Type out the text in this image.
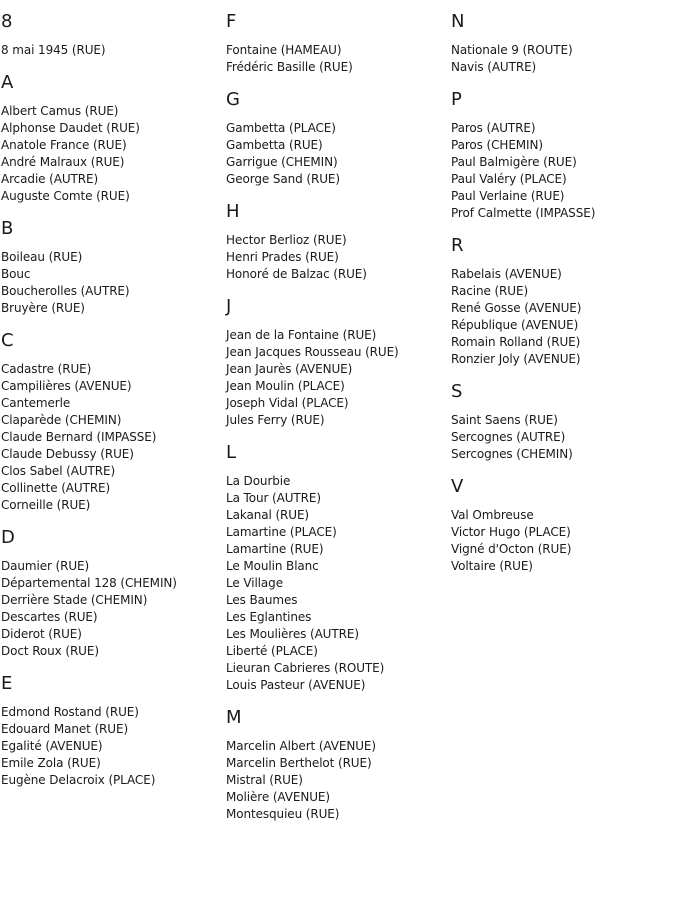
8
8 mai 1945 (RUE)
A
Albert Camus (RUE)
Alphonse Daudet (RUE)
Anatole France (RUE)
André Malraux (RUE)
Arcadie (AUTRE)
Auguste Comte (RUE)
B
Boileau (RUE)
Bouc
Boucherolles (AUTRE)
Bruyère (RUE)
C
Cadastre (RUE)
Campilières (AVENUE)
Cantemerle
Claparède (CHEMIN)
Claude Bernard (IMPASSE)
Claude Debussy (RUE)
Clos Sabel (AUTRE)
Collinette (AUTRE)
Corneille (RUE)
D
Daumier (RUE)
Départemental 128 (CHEMIN)
Derrière Stade (CHEMIN)
Descartes (RUE)
Diderot (RUE)
Doct Roux (RUE)
E
Edmond Rostand (RUE)
Edouard Manet (RUE)
Egalité (AVENUE)
Emile Zola (RUE)
Eugène Delacroix (PLACE)
F
Fontaine (HAMEAU)
Frédéric Basille (RUE)
G
Gambetta (PLACE)
Gambetta (RUE)
Garrigue (CHEMIN)
George Sand (RUE)
H
Hector Berlioz (RUE)
Henri Prades (RUE)
Honoré de Balzac (RUE)
J
Jean de la Fontaine (RUE)
Jean Jacques Rousseau (RUE)
Jean Jaurès (AVENUE)
Jean Moulin (PLACE)
Joseph Vidal (PLACE)
Jules Ferry (RUE)
L
La Dourbie
La Tour (AUTRE)
Lakanal (RUE)
Lamartine (PLACE)
Lamartine (RUE)
Le Moulin Blanc
Le Village
Les Baumes
Les Eglantines
Les Moulières (AUTRE)
Liberté (PLACE)
Lieuran Cabrieres (ROUTE)
Louis Pasteur (AVENUE)
M
Marcelin Albert (AVENUE)
Marcelin Berthelot (RUE)
Mistral (RUE)
Molière (AVENUE)
Montesquieu (RUE)
N
Nationale 9 (ROUTE)
Navis (AUTRE)
P
Paros (AUTRE)
Paros (CHEMIN)
Paul Balmigère (RUE)
Paul Valéry (PLACE)
Paul Verlaine (RUE)
Prof Calmette (IMPASSE)
R
Rabelais (AVENUE)
Racine (RUE)
René Gosse (AVENUE)
République (AVENUE)
Romain Rolland (RUE)
Ronzier Joly (AVENUE)
S
Saint Saens (RUE)
Sercognes (AUTRE)
Sercognes (CHEMIN)
V
Val Ombreuse
Victor Hugo (PLACE)
Vigné d'Octon (RUE)
Voltaire (RUE)
